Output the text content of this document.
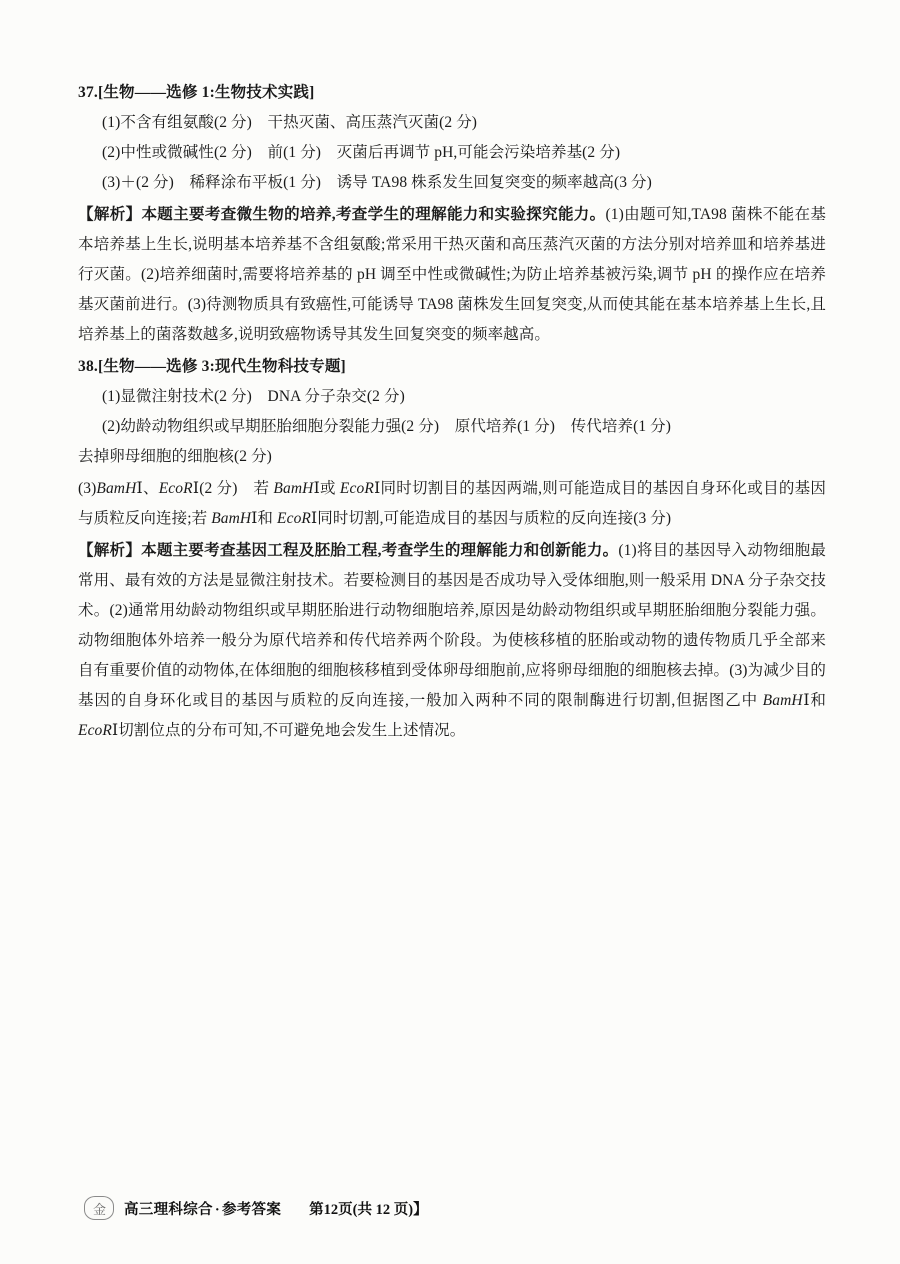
37.[生物——选修 1:生物技术实践]
(1)不含有组氨酸(2 分)　干热灭菌、高压蒸汽灭菌(2 分)
(2)中性或微碱性(2 分)　前(1 分)　灭菌后再调节 pH,可能会污染培养基(2 分)
(3)＋(2 分)　稀释涂布平板(1 分)　诱导 TA98 株系发生回复突变的频率越高(3 分)
【解析】本题主要考查微生物的培养,考查学生的理解能力和实验探究能力。(1)由题可知,TA98 菌株不能在基本培养基上生长,说明基本培养基不含组氨酸;常采用干热灭菌和高压蒸汽灭菌的方法分别对培养皿和培养基进行灭菌。(2)培养细菌时,需要将培养基的 pH 调至中性或微碱性;为防止培养基被污染,调节 pH 的操作应在培养基灭菌前进行。(3)待测物质具有致癌性,可能诱导 TA98 菌株发生回复突变,从而使其能在基本培养基上生长,且培养基上的菌落数越多,说明致癌物诱导其发生回复突变的频率越高。
38.[生物——选修 3:现代生物科技专题]
(1)显微注射技术(2 分)　DNA 分子杂交(2 分)
(2)幼龄动物组织或早期胚胎细胞分裂能力强(2 分)　原代培养(1 分)　传代培养(1 分)
去掉卵母细胞的细胞核(2 分)
(3)BamHⅠ、EcoRⅠ(2 分)　若 BamHⅠ或 EcoRⅠ同时切割目的基因两端,则可能造成目的基因自身环化或目的基因与质粒反向连接;若 BamHⅠ和 EcoRⅠ同时切割,可能造成目的基因与质粒的反向连接(3 分)
【解析】本题主要考查基因工程及胚胎工程,考查学生的理解能力和创新能力。(1)将目的基因导入动物细胞最常用、最有效的方法是显微注射技术。若要检测目的基因是否成功导入受体细胞,则一般采用 DNA 分子杂交技术。(2)通常用幼龄动物组织或早期胚胎进行动物细胞培养,原因是幼龄动物组织或早期胚胎细胞分裂能力强。动物细胞体外培养一般分为原代培养和传代培养两个阶段。为使核移植的胚胎或动物的遗传物质几乎全部来自有重要价值的动物体,在体细胞的细胞核移植到受体卵母细胞前,应将卵母细胞的细胞核去掉。(3)为减少目的基因的自身环化或目的基因与质粒的反向连接,一般加入两种不同的限制酶进行切割,但据图乙中 BamHⅠ和 EcoRⅠ切割位点的分布可知,不可避免地会发生上述情况。
金	高三理科综合 · 参考答案 第12页(共 12 页)】
